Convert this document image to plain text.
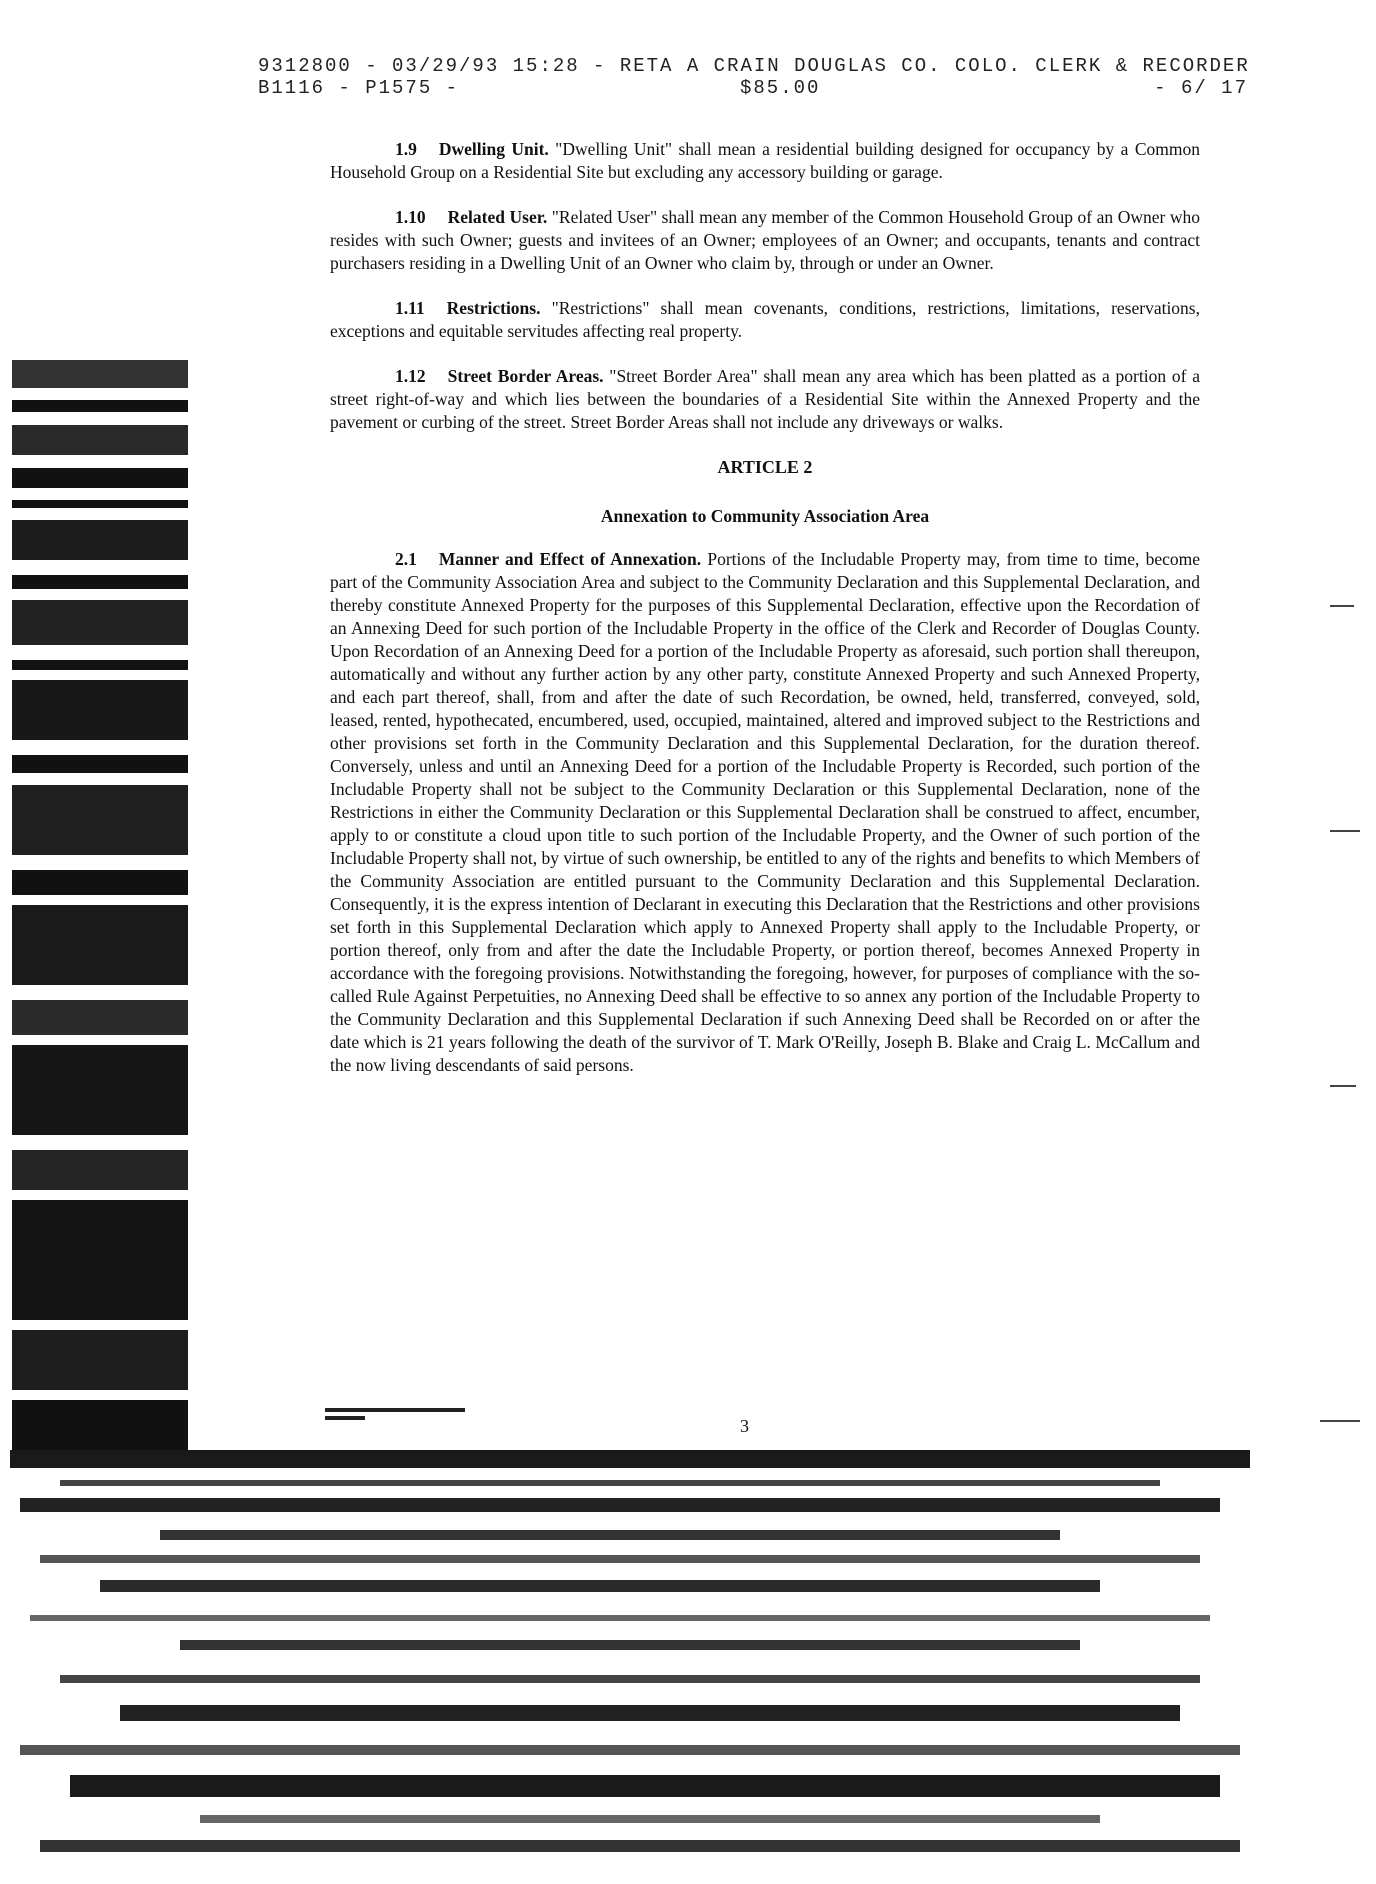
9312800 - 03/29/93 15:28 - RETA A CRAIN DOUGLAS CO. COLO. CLERK & RECORDER
B1116 - P1575 -	$85.00	- 6/ 17

1.9 Dwelling Unit. "Dwelling Unit" shall mean a residential building designed for occupancy by a Common Household Group on a Residential Site but excluding any accessory building or garage.

1.10 Related User. "Related User" shall mean any member of the Common Household Group of an Owner who resides with such Owner; guests and invitees of an Owner; employees of an Owner; and occupants, tenants and contract purchasers residing in a Dwelling Unit of an Owner who claim by, through or under an Owner.

1.11 Restrictions. "Restrictions" shall mean covenants, conditions, restrictions, limitations, reservations, exceptions and equitable servitudes affecting real property.

1.12 Street Border Areas. "Street Border Area" shall mean any area which has been platted as a portion of a street right-of-way and which lies between the boundaries of a Residential Site within the Annexed Property and the pavement or curbing of the street. Street Border Areas shall not include any driveways or walks.

ARTICLE 2
Annexation to Community Association Area

2.1 Manner and Effect of Annexation. Portions of the Includable Property may, from time to time, become part of the Community Association Area and subject to the Community Declaration and this Supplemental Declaration, and thereby constitute Annexed Property for the purposes of this Supplemental Declaration, effective upon the Recordation of an Annexing Deed for such portion of the Includable Property in the office of the Clerk and Recorder of Douglas County. Upon Recordation of an Annexing Deed for a portion of the Includable Property as aforesaid, such portion shall thereupon, automatically and without any further action by any other party, constitute Annexed Property and such Annexed Property, and each part thereof, shall, from and after the date of such Recordation, be owned, held, transferred, conveyed, sold, leased, rented, hypothecated, encumbered, used, occupied, maintained, altered and improved subject to the Restrictions and other provisions set forth in the Community Declaration and this Supplemental Declaration, for the duration thereof. Conversely, unless and until an Annexing Deed for a portion of the Includable Property is Recorded, such portion of the Includable Property shall not be subject to the Community Declaration or this Supplemental Declaration, none of the Restrictions in either the Community Declaration or this Supplemental Declaration shall be construed to affect, encumber, apply to or constitute a cloud upon title to such portion of the Includable Property, and the Owner of such portion of the Includable Property shall not, by virtue of such ownership, be entitled to any of the rights and benefits to which Members of the Community Association are entitled pursuant to the Community Declaration and this Supplemental Declaration. Consequently, it is the express intention of Declarant in executing this Declaration that the Restrictions and other provisions set forth in this Supplemental Declaration which apply to Annexed Property shall apply to the Includable Property, or portion thereof, only from and after the date the Includable Property, or portion thereof, becomes Annexed Property in accordance with the foregoing provisions. Notwithstanding the foregoing, however, for purposes of compliance with the so-called Rule Against Perpetuities, no Annexing Deed shall be effective to so annex any portion of the Includable Property to the Community Declaration and this Supplemental Declaration if such Annexing Deed shall be Recorded on or after the date which is 21 years following the death of the survivor of T. Mark O'Reilly, Joseph B. Blake and Craig L. McCallum and the now living descendants of said persons.

3
